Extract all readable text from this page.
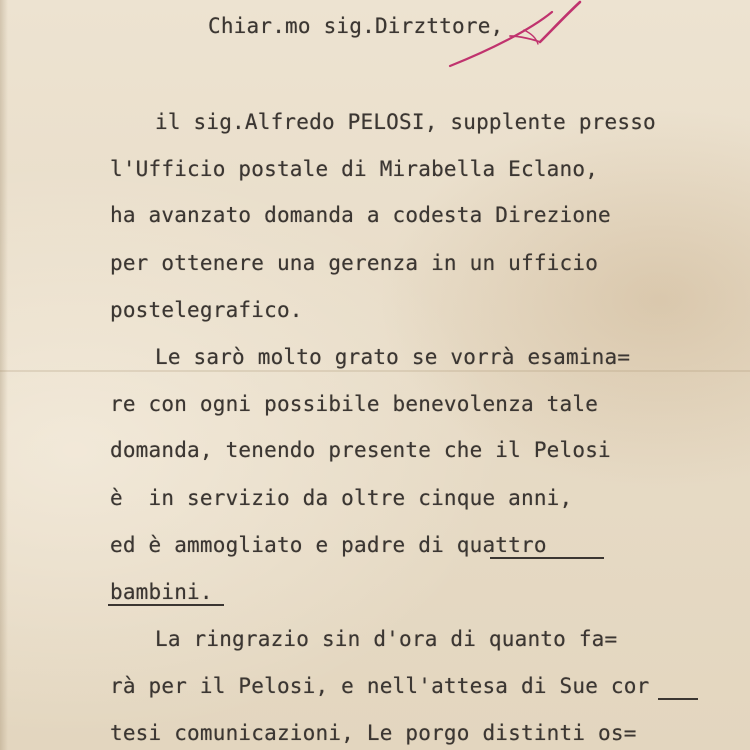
Chiar.mo sig.Dirzttore,

il sig.Alfredo PELOSI, supplente presso

l'Ufficio postale di Mirabella Eclano,

ha avanzato domanda a codesta Direzione

per ottenere una gerenza in un ufficio

postelegrafico.

Le sarò molto grato se vorrà esamina=

re con ogni possibile benevolenza tale

domanda, tenendo presente che il Pelosi

è  in servizio da oltre cinque anni,

ed è ammogliato e padre di quattro

bambini.

La ringrazio sin d'ora di quanto fa=

rà per il Pelosi, e nell'attesa di Sue cor

tesi comunicazioni, Le porgo distinti os=
